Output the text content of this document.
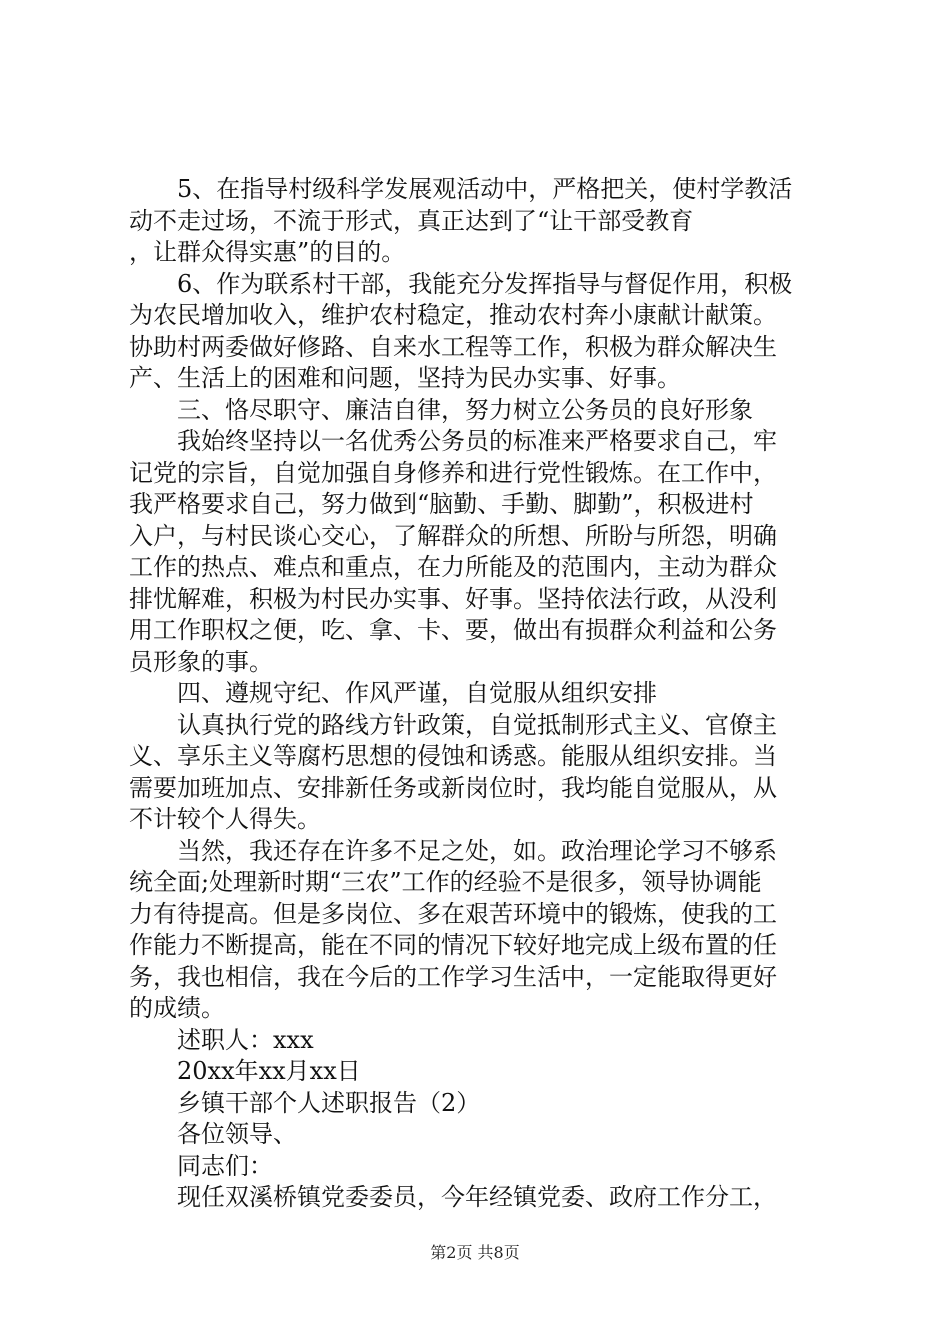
5、在指导村级科学发展观活动中，严格把关，使村学教活
动不走过场，不流于形式，真正达到了“让干部受教育
，让群众得实惠”的目的。
6、作为联系村干部，我能充分发挥指导与督促作用，积极
为农民增加收入，维护农村稳定，推动农村奔小康献计献策。
协助村两委做好修路、自来水工程等工作，积极为群众解决生
产、生活上的困难和问题，坚持为民办实事、好事。
三、恪尽职守、廉洁自律，努力树立公务员的良好形象
我始终坚持以一名优秀公务员的标准来严格要求自己，牢
记党的宗旨，自觉加强自身修养和进行党性锻炼。在工作中，
我严格要求自己，努力做到“脑勤、手勤、脚勤”，积极进村
入户，与村民谈心交心，了解群众的所想、所盼与所怨，明确
工作的热点、难点和重点，在力所能及的范围内，主动为群众
排忧解难，积极为村民办实事、好事。坚持依法行政，从没利
用工作职权之便，吃、拿、卡、要，做出有损群众利益和公务
员形象的事。
四、遵规守纪、作风严谨，自觉服从组织安排
认真执行党的路线方针政策，自觉抵制形式主义、官僚主
义、享乐主义等腐朽思想的侵蚀和诱惑。能服从组织安排。当
需要加班加点、安排新任务或新岗位时，我均能自觉服从，从
不计较个人得失。
当然，我还存在许多不足之处，如。政治理论学习不够系
统全面;处理新时期“三农”工作的经验不是很多，领导协调能
力有待提高。但是多岗位、多在艰苦环境中的锻炼，使我的工
作能力不断提高，能在不同的情况下较好地完成上级布置的任
务，我也相信，我在今后的工作学习生活中，一定能取得更好
的成绩。
述职人：xxx
20xx年xx月xx日
乡镇干部个人述职报告（2）
各位领导、
同志们：
现任双溪桥镇党委委员，今年经镇党委、政府工作分工，
第2页 共8页
